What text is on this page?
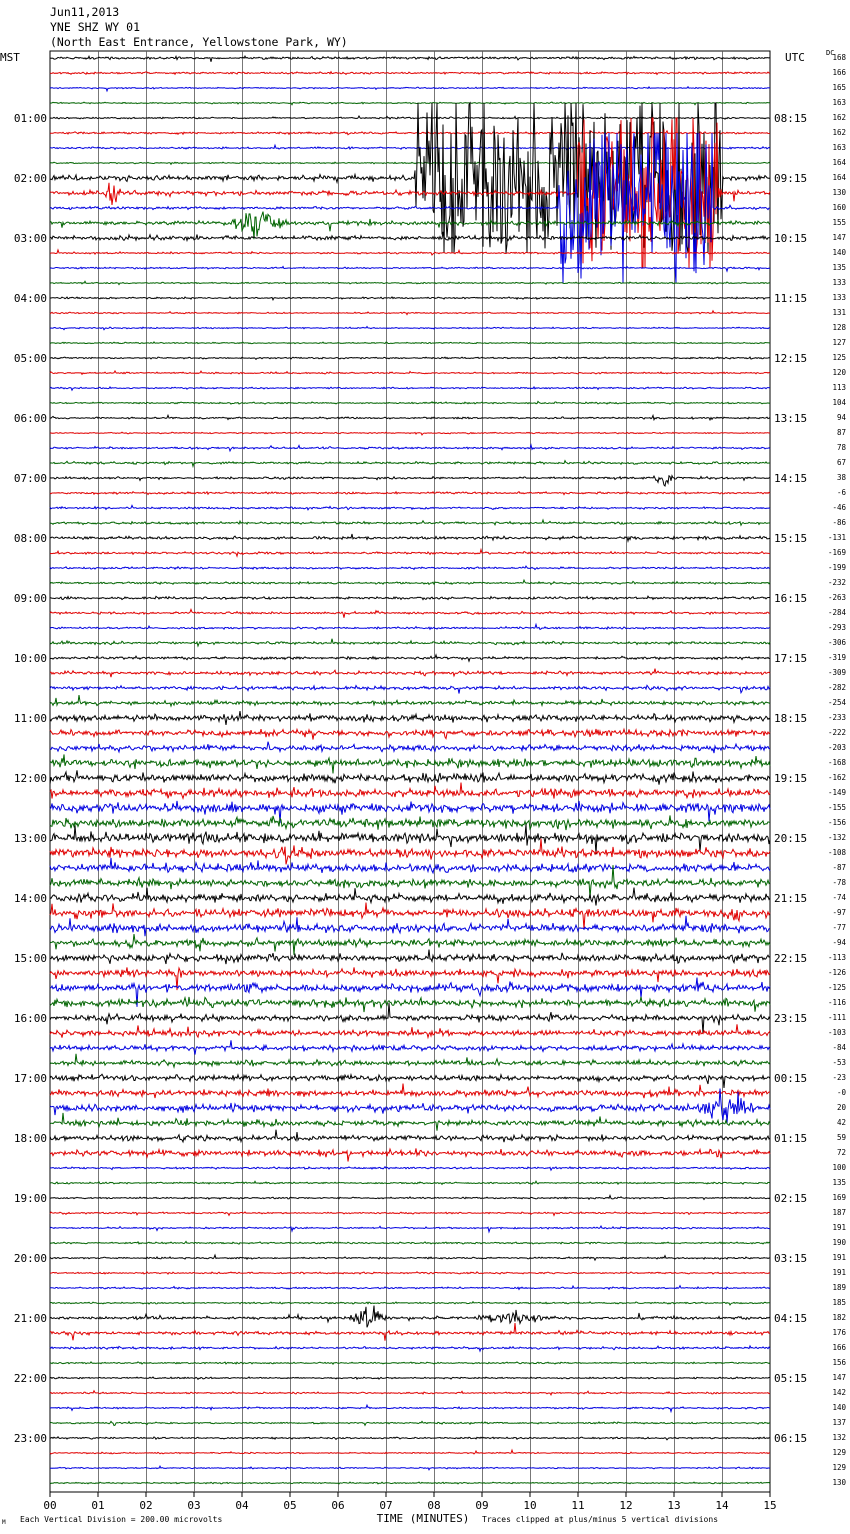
Jun11,2013
YNE SHZ WY 01
(North East Entrance, Yellowstone Park, WY)
MST	UTC	DC
01:00
02:00
03:00
04:00
05:00
06:00
07:00
08:00
09:00
10:00
11:00
12:00
13:00
14:00
15:00
16:00
17:00
18:00
19:00
20:00
21:00
22:00
23:00
08:15
09:15
10:15
11:15
12:15
13:15
14:15
15:15
16:15
17:15
18:15
19:15
20:15
21:15
22:15
23:15
00:15
01:15
02:15
03:15
04:15
05:15
06:15
168
166
165
163
162
162
163
164
164
130
160
155
147
140
135
133
133
131
128
127
125
120
113
104
94
87
78
67
38
-6
-46
-86
-131
-169
-199
-232
-263
-284
-293
-306
-319
-309
-282
-254
-233
-222
-203
-168
-162
-149
-155
-156
-132
-108
-87
-78
-74
-97
-77
-94
-113
-126
-125
-116
-111
-103
-84
-53
-23
-0
20
42
59
72
100
135
169
187
191
190
191
191
189
185
182
176
166
156
147
142
140
137
132
129
129
130
00	01	02	03	04	05	06	07	08	09	10	11	12	13	14	15
TIME (MINUTES)
M Each Vertical Division = 200.00 microvolts	Traces clipped at plus/minus 5 vertical divisions
